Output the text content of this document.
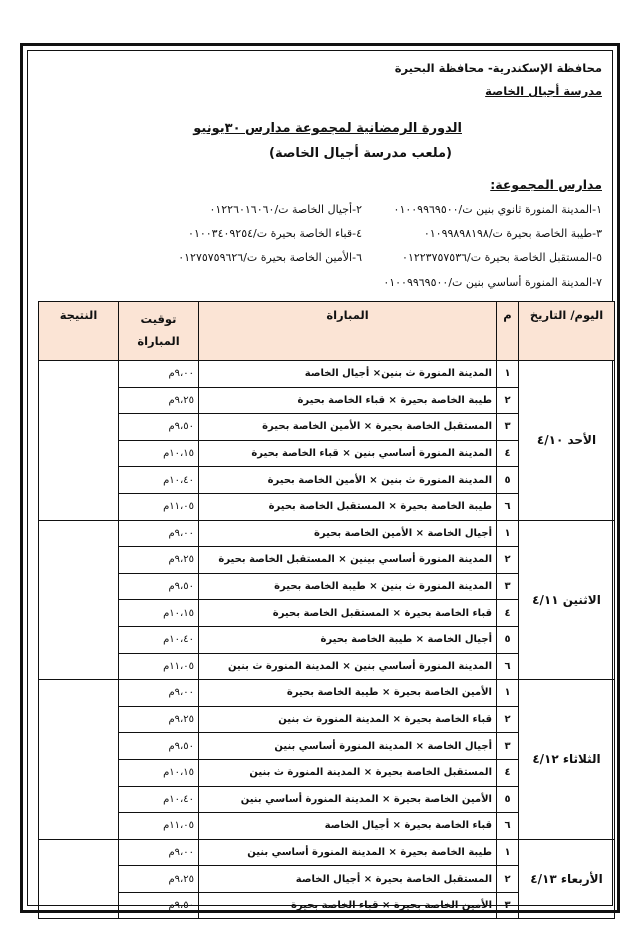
محافظة الإسكندرية- محافظة البحيرة
مدرسة أجيال الخاصة
الدورة الرمضانية لمجموعة مدارس ٣٠يونيو
(ملعب مدرسة أجيال الخاصة)
مدارس المجموعة:
١-المدينة المنورة ثانوي بنين ت/٠١٠٠٩٩٦٩٥٠٠
٢-أجيال الخاصة ت/٠١٢٢٦٠١٦٠٦٠
٣-طيبة الخاصة بحيرة ت/٠١٠٩٩٨٩٨١٩٨
٤-قباء الخاصة بحيرة ت/٠١٠٠٣٤٠٩٢٥٤
٥-المستقبل الخاصة بحيرة ت/٠١٢٢٣٧٥٧٥٣٦
٦-الأمين الخاصة بحيرة ت/٠١٢٧٥٧٥٩٦٢٦
٧-المدينة المنورة أساسي بنين ت/٠١٠٠٩٩٦٩٥٠٠
اليوم/ التاريخ	م	المباراة	توقيت المباراة	النتيجة
الأحد ٤/١٠	١	المدينة المنورة ث بنين× أجيال الخاصة	٩،٠٠م	
	٢	طيبة الخاصة بحيرة × قباء الخاصة بحيرة	٩،٢٥م	
	٣	المستقبل الخاصة بحيرة × الأمين الخاصة بحيرة	٩،٥٠م	
	٤	المدينة المنورة أساسي بنين × قباء الخاصة بحيرة	١٠،١٥م	
	٥	المدينة المنورة ث بنين × الأمين الخاصة بحيرة	١٠،٤٠م	
	٦	طيبة الخاصة بحيرة × المستقبل الخاصة بحيرة	١١،٠٥م	
الاثنين ٤/١١	١	أجيال الخاصة × الأمين الخاصة بحيرة	٩،٠٠م	
	٢	المدينة المنورة أساسي بينين × المستقبل الخاصة بحيرة	٩،٢٥م	
	٣	المدينة المنورة ث بنين × طيبة الخاصة بحيرة	٩،٥٠م	
	٤	قباء الخاصة بحيرة × المستقبل الخاصة بحيرة	١٠،١٥م	
	٥	أجيال الخاصة × طيبة الخاصة بحيرة	١٠،٤٠م	
	٦	المدينة المنورة أساسي بنين × المدينة المنورة ث بنين	١١،٠٥م	
الثلاثاء ٤/١٢	١	الأمين الخاصة بحيرة × طيبة الخاصة بحيرة	٩،٠٠م	
	٢	قباء الخاصة بحيرة × المدينة المنورة ث بنين	٩،٢٥م	
	٣	أجيال الخاصة × المدينة المنورة أساسي بنين	٩،٥٠م	
	٤	المستقبل الخاصة بحيرة × المدينة المنورة ث بنين	١٠،١٥م	
	٥	الأمين الخاصة بحيرة × المدينة المنورة أساسي بنين	١٠،٤٠م	
	٦	قباء الخاصة بحيرة × أجيال الخاصة	١١،٠٥م	
الأربعاء ٤/١٣	١	طيبة الخاصة بحيرة × المدينة المنورة أساسي بنين	٩،٠٠م	
	٢	المستقبل الخاصة بحيرة × أجيال الخاصة	٩،٢٥م	
	٣	الأمين الخاصة بحيرة × قباء الخاصة بحيرة	٩،٥٠م	
